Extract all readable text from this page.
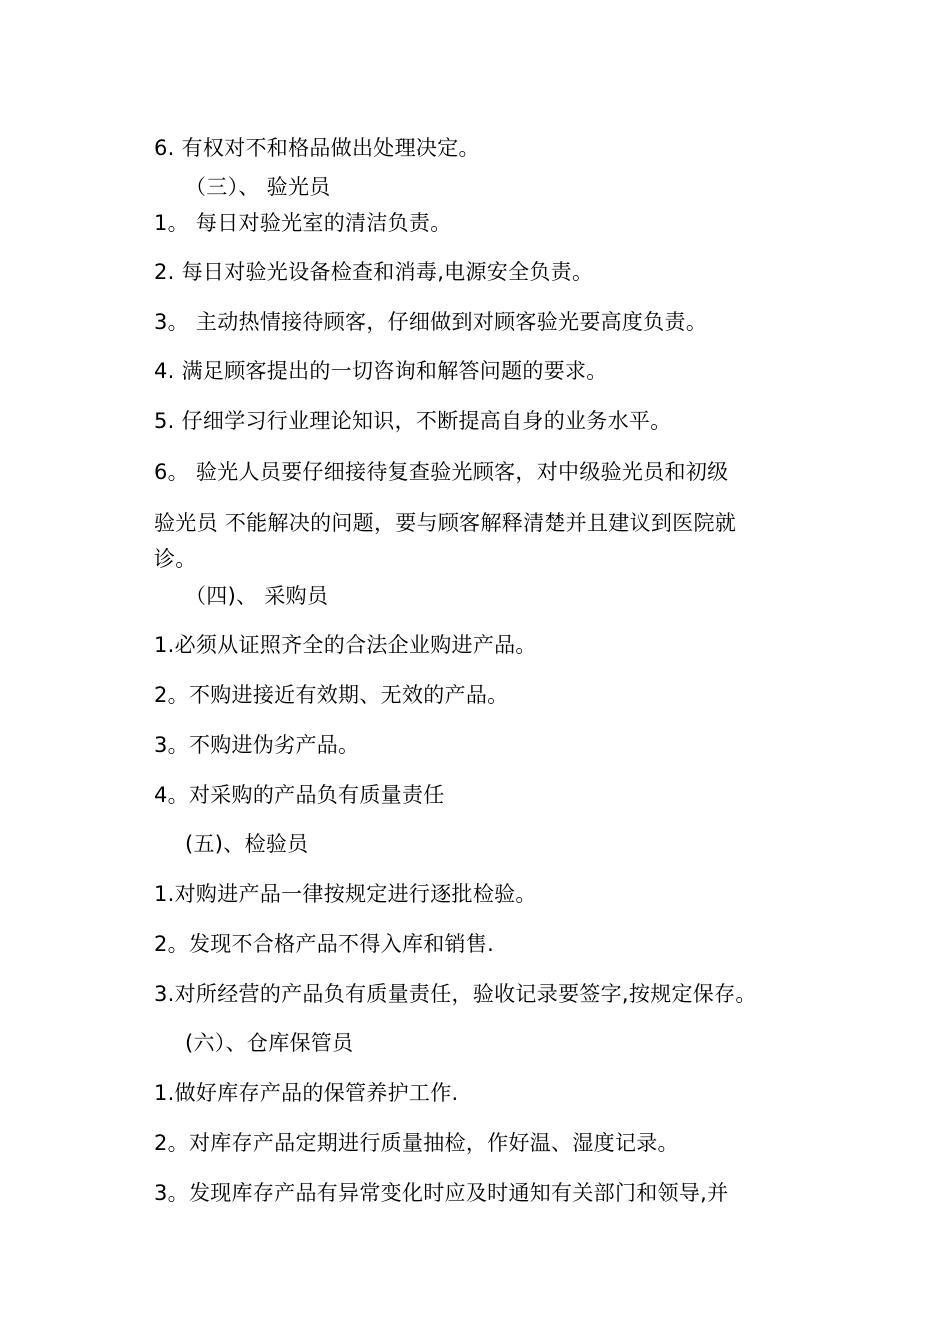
6. 有权对不和格品做出处理决定。
（三）、 验光员
1。 每日对验光室的清洁负责。
2. 每日对验光设备检查和消毒,电源安全负责。
3。 主动热情接待顾客，仔细做到对顾客验光要高度负责。
4. 满足顾客提出的一切咨询和解答问题的要求。
5. 仔细学习行业理论知识，不断提高自身的业务水平。
6。 验光人员要仔细接待复查验光顾客，对中级验光员和初级
验光员 不能解决的问题，要与顾客解释清楚并且建议到医院就
诊。
（四)、 采购员
1.必须从证照齐全的合法企业购进产品。
2。不购进接近有效期、无效的产品。
3。不购进伪劣产品。
4。对采购的产品负有质量责任
(五)、检验员
1.对购进产品一律按规定进行逐批检验。
2。发现不合格产品不得入库和销售.
3.对所经营的产品负有质量责任，验收记录要签字,按规定保存。
(六）、仓库保管员
1.做好库存产品的保管养护工作.
2。对库存产品定期进行质量抽检，作好温、湿度记录。
3。发现库存产品有异常变化时应及时通知有关部门和领导,并
